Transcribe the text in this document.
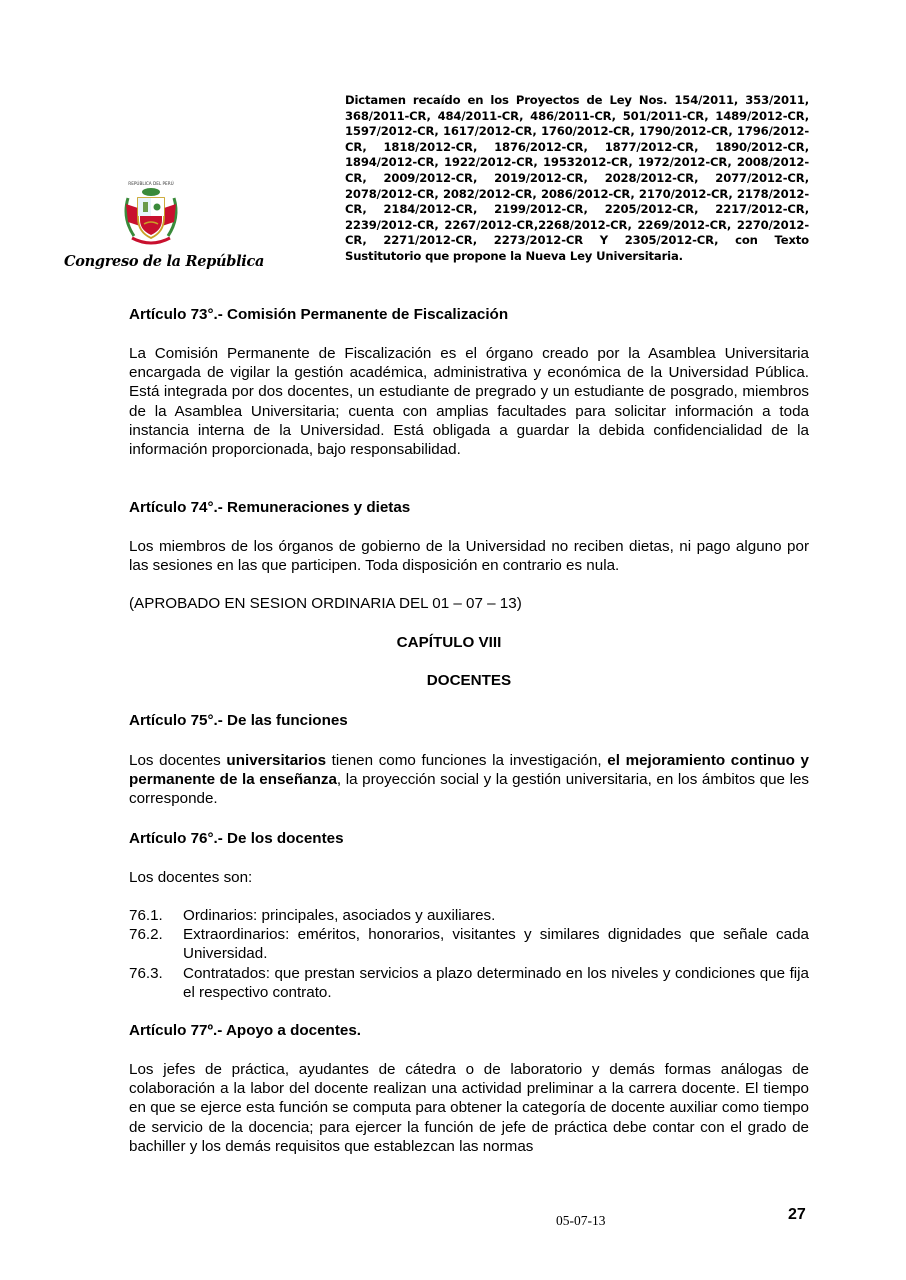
REPÚBLICA DEL PERÚ
Congreso de la República
Dictamen recaído en los Proyectos de Ley Nos. 154/2011, 353/2011, 368/2011-CR, 484/2011-CR, 486/2011-CR, 501/2011-CR, 1489/2012-CR, 1597/2012-CR, 1617/2012-CR, 1760/2012-CR, 1790/2012-CR, 1796/2012-CR, 1818/2012-CR, 1876/2012-CR, 1877/2012-CR, 1890/2012-CR, 1894/2012-CR, 1922/2012-CR, 19532012-CR, 1972/2012-CR, 2008/2012-CR, 2009/2012-CR, 2019/2012-CR, 2028/2012-CR, 2077/2012-CR, 2078/2012-CR, 2082/2012-CR, 2086/2012-CR, 2170/2012-CR, 2178/2012-CR, 2184/2012-CR, 2199/2012-CR, 2205/2012-CR, 2217/2012-CR, 2239/2012-CR, 2267/2012-CR,2268/2012-CR, 2269/2012-CR, 2270/2012-CR, 2271/2012-CR, 2273/2012-CR Y 2305/2012-CR, con Texto Sustitutorio que propone la Nueva Ley Universitaria.
Artículo 73°.- Comisión Permanente de Fiscalización
La Comisión Permanente de Fiscalización es el órgano creado por la Asamblea Universitaria encargada de vigilar la gestión académica, administrativa y económica de la Universidad Pública. Está integrada por dos docentes, un estudiante de pregrado y un estudiante de posgrado, miembros de la Asamblea Universitaria; cuenta con amplias facultades para solicitar información a toda instancia interna de la Universidad. Está obligada a guardar la debida confidencialidad de la información proporcionada, bajo responsabilidad.
Artículo 74°.- Remuneraciones y dietas
Los miembros de los órganos de gobierno de la Universidad no reciben dietas, ni pago alguno por las sesiones en las que participen. Toda disposición en contrario es nula.
(APROBADO EN SESION ORDINARIA DEL 01 – 07 – 13)
CAPÍTULO VIII
DOCENTES
Artículo 75°.- De las funciones
Los docentes universitarios tienen como funciones la investigación, el mejoramiento continuo y permanente de la enseñanza, la proyección social y la gestión universitaria, en los ámbitos que les corresponde.
Artículo 76°.- De los docentes
Los docentes son:
76.1.	Ordinarios: principales, asociados y auxiliares.
76.2.	Extraordinarios: eméritos, honorarios, visitantes y similares dignidades que señale cada Universidad.
76.3.	Contratados: que prestan servicios a plazo determinado en los niveles y condiciones que fija el respectivo contrato.
Artículo 77º.- Apoyo a docentes.
Los jefes de práctica, ayudantes de cátedra o de laboratorio y demás formas análogas de colaboración a la labor del docente realizan una actividad preliminar a la carrera docente. El tiempo en que se ejerce esta función se computa para obtener la categoría de docente auxiliar como tiempo de servicio de la docencia; para ejercer la función de jefe de práctica debe contar con el grado de bachiller y los demás requisitos que establezcan las normas
05-07-13	27
